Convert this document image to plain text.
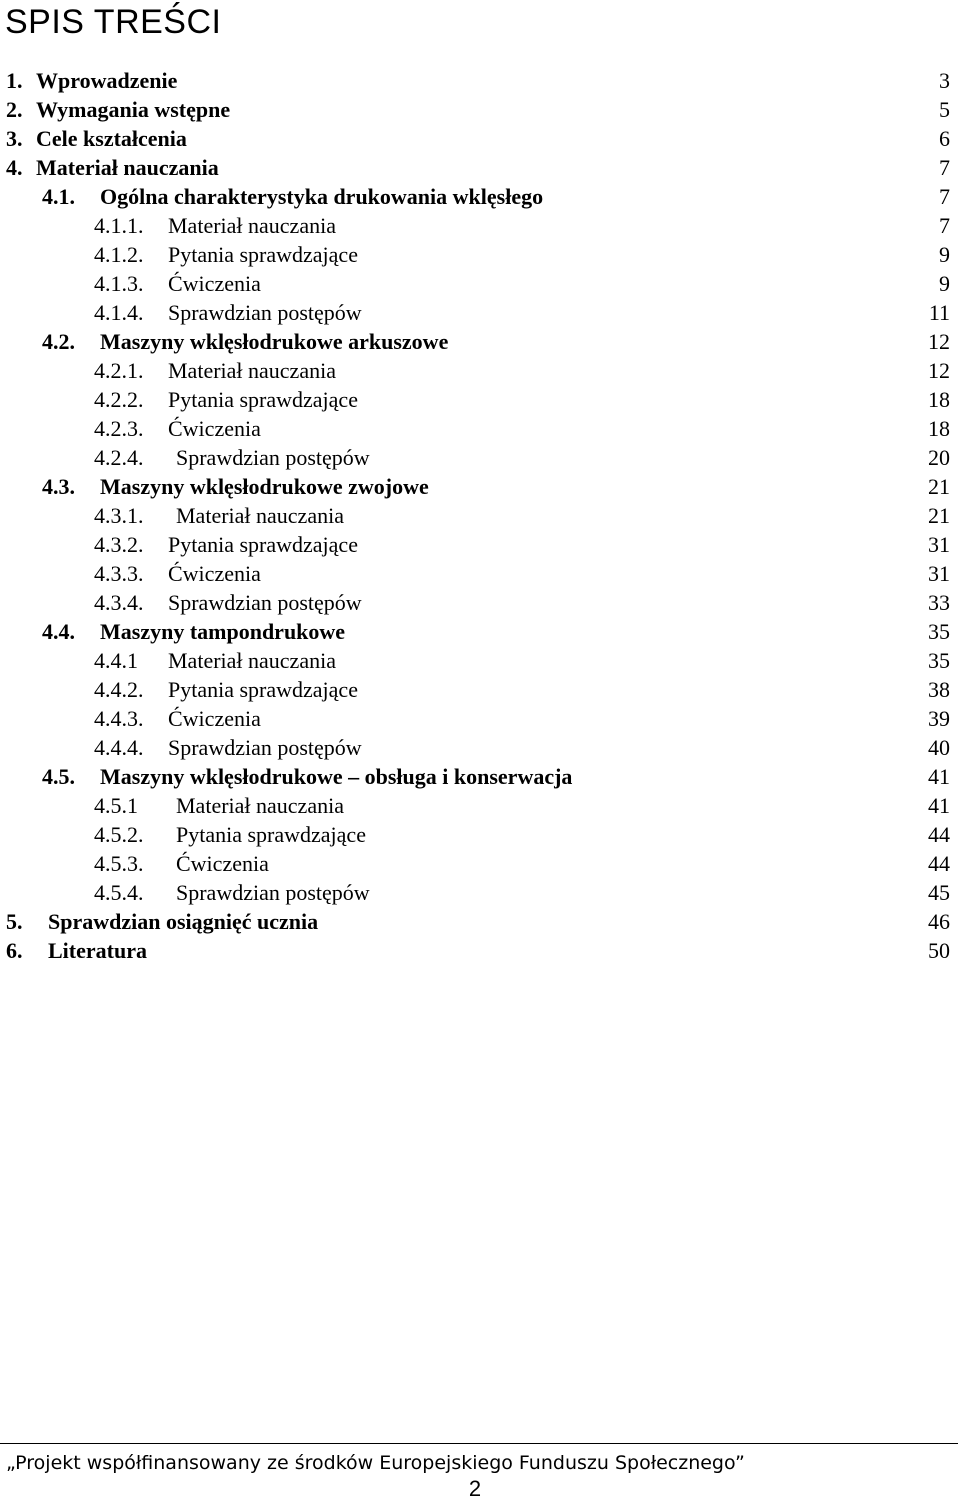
SPIS TREŚCI
1. Wprowadzenie	3
2. Wymagania wstępne	5
3. Cele kształcenia	6
4. Materiał nauczania	7
4.1. Ogólna charakterystyka drukowania wklęsłego	7
4.1.1. Materiał nauczania	7
4.1.2. Pytania sprawdzające	9
4.1.3. Ćwiczenia	9
4.1.4. Sprawdzian postępów	11
4.2. Maszyny wklęsłodrukowe arkuszowe	12
4.2.1. Materiał nauczania	12
4.2.2. Pytania sprawdzające	18
4.2.3. Ćwiczenia	18
4.2.4. Sprawdzian postępów	20
4.3. Maszyny wklęsłodrukowe zwojowe	21
4.3.1. Materiał nauczania	21
4.3.2. Pytania sprawdzające	31
4.3.3. Ćwiczenia	31
4.3.4. Sprawdzian postępów	33
4.4. Maszyny tampondrukowe	35
4.4.1 Materiał nauczania	35
4.4.2. Pytania sprawdzające	38
4.4.3. Ćwiczenia	39
4.4.4. Sprawdzian postępów	40
4.5. Maszyny wklęsłodrukowe – obsługa i konserwacja	41
4.5.1 Materiał nauczania	41
4.5.2. Pytania sprawdzające	44
4.5.3. Ćwiczenia	44
4.5.4. Sprawdzian postępów	45
5. Sprawdzian osiągnięć ucznia	46
6. Literatura	50
„Projekt współfinansowany ze środków Europejskiego Funduszu Społecznego”
2
